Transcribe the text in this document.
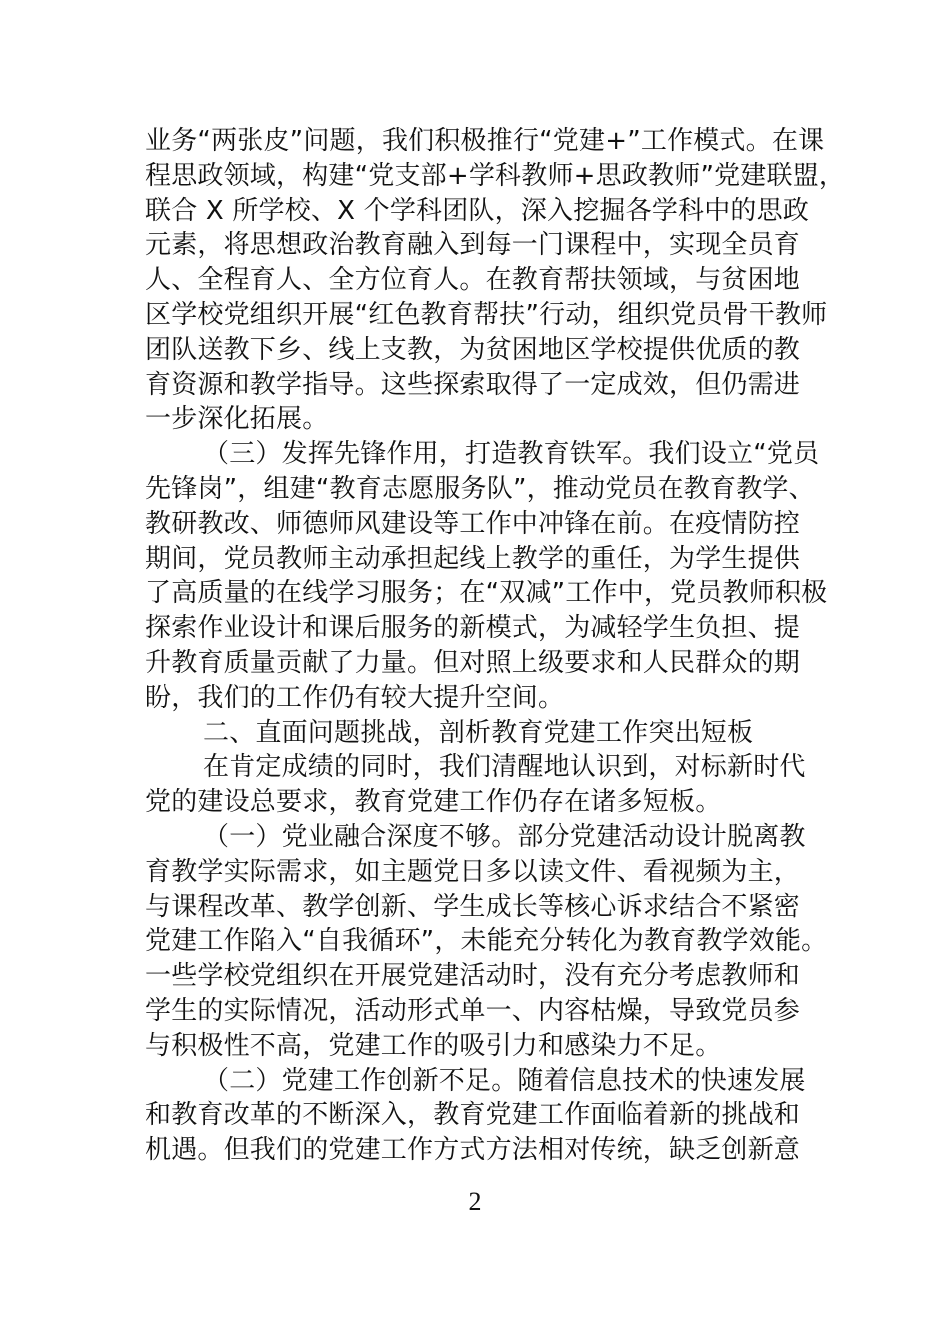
业务“两张皮”问题，我们积极推行“党建+”工作模式。在课
程思政领域，构建“党支部+学科教师+思政教师”党建联盟，
联合 X 所学校、X 个学科团队，深入挖掘各学科中的思政
元素，将思想政治教育融入到每一门课程中，实现全员育
人、全程育人、全方位育人。在教育帮扶领域，与贫困地
区学校党组织开展“红色教育帮扶”行动，组织党员骨干教师
团队送教下乡、线上支教，为贫困地区学校提供优质的教
育资源和教学指导。这些探索取得了一定成效，但仍需进
一步深化拓展。
（三）发挥先锋作用，打造教育铁军。我们设立“党员
先锋岗”，组建“教育志愿服务队”，推动党员在教育教学、
教研教改、师德师风建设等工作中冲锋在前。在疫情防控
期间，党员教师主动承担起线上教学的重任，为学生提供
了高质量的在线学习服务；在“双减”工作中，党员教师积极
探索作业设计和课后服务的新模式，为减轻学生负担、提
升教育质量贡献了力量。但对照上级要求和人民群众的期
盼，我们的工作仍有较大提升空间。
二、直面问题挑战，剖析教育党建工作突出短板
在肯定成绩的同时，我们清醒地认识到，对标新时代
党的建设总要求，教育党建工作仍存在诸多短板。
（一）党业融合深度不够。部分党建活动设计脱离教
育教学实际需求，如主题党日多以读文件、看视频为主，
与课程改革、教学创新、学生成长等核心诉求结合不紧密
党建工作陷入“自我循环”，未能充分转化为教育教学效能。
一些学校党组织在开展党建活动时，没有充分考虑教师和
学生的实际情况，活动形式单一、内容枯燥，导致党员参
与积极性不高，党建工作的吸引力和感染力不足。
（二）党建工作创新不足。随着信息技术的快速发展
和教育改革的不断深入，教育党建工作面临着新的挑战和
机遇。但我们的党建工作方式方法相对传统，缺乏创新意
2
